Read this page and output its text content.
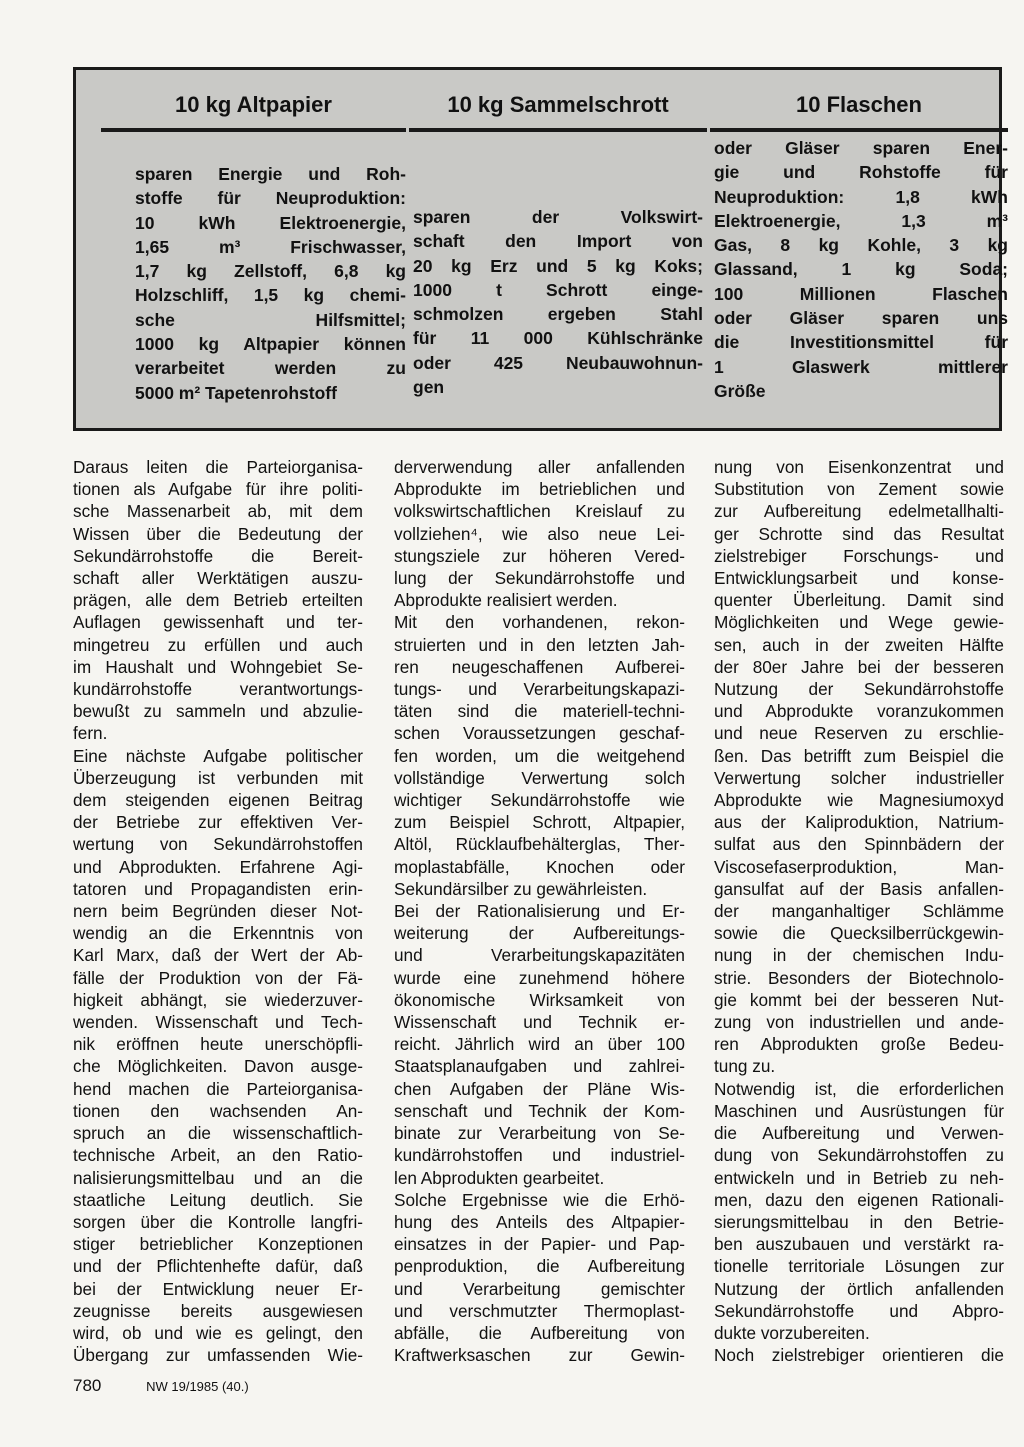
10 kg Altpapier
sparen Energie und Roh-
stoffe für Neuproduktion:
10 kWh Elektroenergie,
1,65 m³ Frischwasser,
1,7 kg Zellstoff, 6,8 kg
Holzschliff, 1,5 kg chemi-
sche Hilfsmittel;
1000 kg Altpapier können
verarbeitet werden zu
5000 m² Tapetenrohstoff
10 kg Sammelschrott
sparen der Volkswirt-
schaft den Import von
20 kg Erz und 5 kg Koks;
1000 t Schrott einge-
schmolzen ergeben Stahl
für 11 000 Kühlschränke
oder 425 Neubauwohnun-
gen
10 Flaschen
oder Gläser sparen Ener-
gie und Rohstoffe für
Neuproduktion: 1,8 kWh
Elektroenergie, 1,3 m³
Gas, 8 kg Kohle, 3 kg
Glassand, 1 kg Soda;
100 Millionen Flaschen
oder Gläser sparen uns
die Investitionsmittel für
1 Glaswerk mittlerer
Größe

Daraus leiten die Parteiorganisa-
tionen als Aufgabe für ihre politi-
sche Massenarbeit ab, mit dem
Wissen über die Bedeutung der
Sekundärrohstoffe die Bereit-
schaft aller Werktätigen auszu-
prägen, alle dem Betrieb erteilten
Auflagen gewissenhaft und ter-
mingetreu zu erfüllen und auch
im Haushalt und Wohngebiet Se-
kundärrohstoffe verantwortungs-
bewußt zu sammeln und abzulie-
fern.

Eine nächste Aufgabe politischer
Überzeugung ist verbunden mit
dem steigenden eigenen Beitrag
der Betriebe zur effektiven Ver-
wertung von Sekundärrohstoffen
und Abprodukten. Erfahrene Agi-
tatoren und Propagandisten erin-
nern beim Begründen dieser Not-
wendig an die Erkenntnis von
Karl Marx, daß der Wert der Ab-
fälle der Produktion von der Fä-
higkeit abhängt, sie wiederzuver-
wenden. Wissenschaft und Tech-
nik eröffnen heute unerschöpfli-
che Möglichkeiten. Davon ausge-
hend machen die Parteiorganisa-
tionen den wachsenden An-
spruch an die wissenschaftlich-
technische Arbeit, an den Ratio-
nalisierungsmittelbau und an die
staatliche Leitung deutlich. Sie
sorgen über die Kontrolle langfri-
stiger betrieblicher Konzeptionen
und der Pflichtenhefte dafür, daß
bei der Entwicklung neuer Er-
zeugnisse bereits ausgewiesen
wird, ob und wie es gelingt, den
Übergang zur umfassenden Wie-

derverwendung aller anfallenden
Abprodukte im betrieblichen und
volkswirtschaftlichen Kreislauf zu
vollziehen⁴, wie also neue Lei-
stungsziele zur höheren Vered-
lung der Sekundärrohstoffe und
Abprodukte realisiert werden.

Mit den vorhandenen, rekon-
struierten und in den letzten Jah-
ren neugeschaffenen Aufberei-
tungs- und Verarbeitungskapazi-
täten sind die materiell-techni-
schen Voraussetzungen geschaf-
fen worden, um die weitgehend
vollständige Verwertung solch
wichtiger Sekundärrohstoffe wie
zum Beispiel Schrott, Altpapier,
Altöl, Rücklaufbehälterglas, Ther-
moplastabfälle, Knochen oder
Sekundärsilber zu gewährleisten.

Bei der Rationalisierung und Er-
weiterung der Aufbereitungs-
und Verarbeitungskapazitäten
wurde eine zunehmend höhere
ökonomische Wirksamkeit von
Wissenschaft und Technik er-
reicht. Jährlich wird an über 100
Staatsplanaufgaben und zahlrei-
chen Aufgaben der Pläne Wis-
senschaft und Technik der Kom-
binate zur Verarbeitung von Se-
kundärrohstoffen und industriel-
len Abprodukten gearbeitet.

Solche Ergebnisse wie die Erhö-
hung des Anteils des Altpapier-
einsatzes in der Papier- und Pap-
penproduktion, die Aufbereitung
und Verarbeitung gemischter
und verschmutzter Thermoplast-
abfälle, die Aufbereitung von
Kraftwerksaschen zur Gewin-

nung von Eisenkonzentrat und
Substitution von Zement sowie
zur Aufbereitung edelmetallhalti-
ger Schrotte sind das Resultat
zielstrebiger Forschungs- und
Entwicklungsarbeit und konse-
quenter Überleitung. Damit sind
Möglichkeiten und Wege gewie-
sen, auch in der zweiten Hälfte
der 80er Jahre bei der besseren
Nutzung der Sekundärrohstoffe
und Abprodukte voranzukommen
und neue Reserven zu erschlie-
ßen. Das betrifft zum Beispiel die
Verwertung solcher industrieller
Abprodukte wie Magnesiumoxyd
aus der Kaliproduktion, Natrium-
sulfat aus den Spinnbädern der
Viscosefaserproduktion, Man-
gansulfat auf der Basis anfallen-
der manganhaltiger Schlämme
sowie die Quecksilberrückgewin-
nung in der chemischen Indu-
strie. Besonders der Biotechnolo-
gie kommt bei der besseren Nut-
zung von industriellen und ande-
ren Abprodukten große Bedeu-
tung zu.

Notwendig ist, die erforderlichen
Maschinen und Ausrüstungen für
die Aufbereitung und Verwen-
dung von Sekundärrohstoffen zu
entwickeln und in Betrieb zu neh-
men, dazu den eigenen Rationali-
sierungsmittelbau in den Betrie-
ben auszubauen und verstärkt ra-
tionelle territoriale Lösungen zur
Nutzung der örtlich anfallenden
Sekundärrohstoffe und Abpro-
dukte vorzubereiten.

Noch zielstrebiger orientieren die

780	NW 19/1985 (40.)
